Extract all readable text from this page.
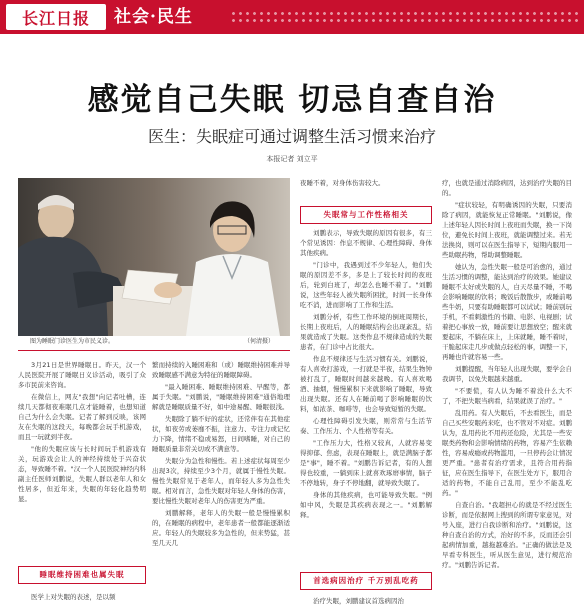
长江日报 社会·民生
感觉自己失眠 切忌自查自治
医生：失眠症可通过调整生活习惯来治疗
本报记者 刘立平
图为睡眠门诊医生为市民义诊。	（何清摄）

3月21日是世界睡眠日。昨天，汉一个人民医院开展了睡眠日义诊活动，吸引了众多市民前来咨询。

在微信上，网友"我想"向记者吐槽，连续几天都彻夜难眠几点才能睡着，也想知道自己为什么会失眠。记者了解到反映，该网友在失眠的这段天，每晚都会玩手机游戏，而且一玩就到半夜。

"他的失眠应该与长时间玩手机游戏有关，玩游戏会让人的神经持续处于兴奋状态，导致睡不着。"汉一个人民医院神经内科副主任医师刘鹏说，失眠人群以老年人和女性居多，但近年来，失眠的年轻化趋势明显。

睡眠维持困难也属失眠

医学上对失眠的表述，是以频

繁而持续的入睡困难和（或）睡眠维持困难并导致睡眠感不满意为特征的睡眠障碍。

"最入睡困难、睡眠维持困难、早醒等，都属于失眠。"刘鹏说，"睡眠维持困难"通俗地理解就是睡眠质量不好，如中途易醒、睡眠很浅。

失眠除了躺不好的症状，还常伴有在其他症状，如夜劳或萎靡不振，注意力、专注力或记忆力下降，情绪不稳或易怒，日间嗜睡，对自己的睡眠质量非常关切或不满意等。

失眠分为急性和慢性。若上述症状每周至少出现3次，持续至少3个月，就属于慢性失眠。慢性失眠常见于老年人，而年轻人多为急性失眠。相对而言，急性失眠对年轻人身体的伤害，要比慢性失眠对老年人的伤害更为严重。

刘鹏解释，老年人的失眠一般是慢慢累积的，在睡眠的病程中，老年患者一般都能逐渐适应。年轻人的失眠较多为急性的，但来势猛，甚至几天几

夜睡不着，对身体伤害较大。

失眠常与工作性格相关

刘鹏表示，导致失眠的原因有很多，有三个常见诱因：作息不规律、心理性障碍、身体其他疾病。

"门诊中，我遇到过不少年轻人，他们失眠的原因差不多，多是上了较长时间的夜班后，轮到白班了，却怎么也睡不着了。"刘鹏说，这些年轻人被失眠所困扰，时间一长身体吃不消，进而影响了工作和生活。

刘鹏分析，有些工作环境的倒班周期长，长期上夜班后，人的睡眠结构会出现紊乱，结果就造成了失眠。这类作息不规律造成的失眠患者，在门诊中占比很大。

作息不规律还与生活习惯有关。刘鹏说，有人喜欢打游戏，一打就是半夜，结果生物钟被打乱了，睡眠时间越来越晚。有人喜欢喝酒、抽烟，慢慢累积下来就影响了睡眠，导致出现失眠。还有人在睡前喝了影响睡眠的饮料，如浓茶、咖啡等，也会导致短暂的失眠。

心理性障碍引发失眠，则常常与生活节奏、工作压力、个人性格等有关。

"工作压力大，性格又较真，人就容易变得抑郁、焦虑，表现在睡眠上，就是满脑子都是"事"，睡不着。"刘鹏告诉记者，有的人想得也较重，一躺到床上就喜欢琢磨事情，脑子不停地转，身子不停地翻，就导致失眠了。

身体的其他疾病，也可能导致失眠。"例如中风，失眠是其疾病表现之一。"刘鹏解释。

首选病因治疗 千万别乱吃药

治疗失眠，刘鹏建议首选病因治

疗，也就是通过消除病因，达到治疗失眠的目的。

"症状较轻，有明确诱因的失眠，只要消除了病因，就能恢复正常睡眠。"刘鹏说，像上述年轻人因长时间上夜班而失眠，换一下岗位，避免长时间上夜班，就能调整过来。若无法换岗，则可以在医生指导下，短期内服用一些助眠药物，帮助调整睡眠。

她认为，急性失眠一般是可治愈的，通过生活习惯的调整，能达到治疗的效果。她建议睡眠不太好或失眠的人，白天尽量不睡，不喝会影响睡眠的饮料；晚饭后散散步，或睡前喝些牛奶，只要有助睡眠都可以试试；睡前别玩手机，不看刺激性的书籍、电影、电视剧；试着把心事放一放，睡前要让思想放空；醒来就要起床，不躺在床上，上床就睡，睡不着时，干脆起床走几步或做点轻松的事，调整一下，再睡也许就容易一些。

刘鹏提醒，当年轻人出现失眠，要学会自我调节，以免失眠越来越重。

"不要慌，有人认为睡不着没什么大不了，不把失眠当病看，结果就误了治疗。"

乱用药。有人失眠后，不去看医生，而是自己买些安眠药来吃，也不管对不对症。刘鹏认为，乱用药比不用药还危险，尤其是一些安眠类药物和会影响情绪的药物，容易产生依赖性，容易成瘾或药物滥用，一旦停药会让情况更严重。"患者有治疗需求，且符合用药指征，应在医生指导下，在医生处方下，服用合适的药物，不能自己乱用，至少不能乱吃药。"

自查自治。"我超担心的就是不经过医生诊断，而是依据网上搜到的所谓专家意见，对号入座，进行自我诊断和治疗。"刘鹏说，这种自查自治的方式，治好的不多，反而还会引起病情加重，越拖越难治。"正确的做法是及早看专科医生，听从医生意见，进行规范治疗。"刘鹏告诉记者。
